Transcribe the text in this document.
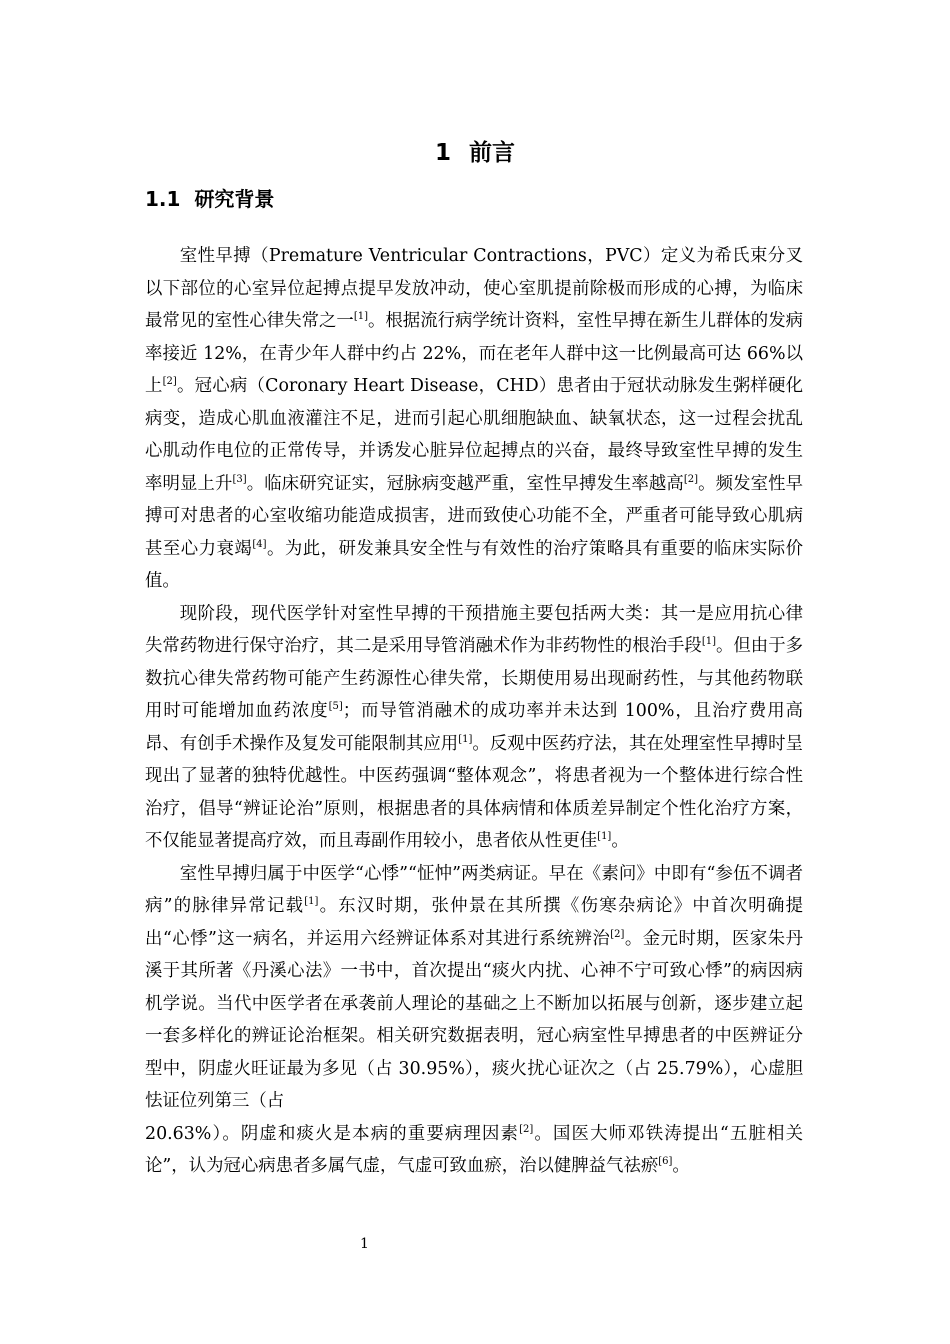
1 前言
1.1 研究背景

室性早搏（Premature Ventricular Contractions，PVC）定义为希氏束分叉以下部位的心室异位起搏点提早发放冲动，使心室肌提前除极而形成的心搏，为临床最常见的室性心律失常之一[1]。根据流行病学统计资料，室性早搏在新生儿群体的发病率接近 12%，在青少年人群中约占 22%，而在老年人群中这一比例最高可达 66%以上[2]。冠心病（Coronary Heart Disease，CHD）患者由于冠状动脉发生粥样硬化病变，造成心肌血液灌注不足，进而引起心肌细胞缺血、缺氧状态，这一过程会扰乱心肌动作电位的正常传导，并诱发心脏异位起搏点的兴奋，最终导致室性早搏的发生率明显上升[3]。临床研究证实，冠脉病变越严重，室性早搏发生率越高[2]。频发室性早搏可对患者的心室收缩功能造成损害，进而致使心功能不全，严重者可能导致心肌病甚至心力衰竭[4]。为此，研发兼具安全性与有效性的治疗策略具有重要的临床实际价值。

现阶段，现代医学针对室性早搏的干预措施主要包括两大类：其一是应用抗心律失常药物进行保守治疗，其二是采用导管消融术作为非药物性的根治手段[1]。但由于多数抗心律失常药物可能产生药源性心律失常，长期使用易出现耐药性，与其他药物联用时可能增加血药浓度[5]；而导管消融术的成功率并未达到 100%，且治疗费用高昂、有创手术操作及复发可能限制其应用[1]。反观中医药疗法，其在处理室性早搏时呈现出了显著的独特优越性。中医药强调“整体观念”，将患者视为一个整体进行综合性治疗，倡导“辨证论治”原则，根据患者的具体病情和体质差异制定个性化治疗方案，不仅能显著提高疗效，而且毒副作用较小，患者依从性更佳[1]。

室性早搏归属于中医学“心悸”“怔忡”两类病证。早在《素问》中即有“参伍不调者病”的脉律异常记载[1]。东汉时期，张仲景在其所撰《伤寒杂病论》中首次明确提出“心悸”这一病名，并运用六经辨证体系对其进行系统辨治[2]。金元时期，医家朱丹溪于其所著《丹溪心法》一书中，首次提出“痰火内扰、心神不宁可致心悸”的病因病机学说。当代中医学者在承袭前人理论的基础之上不断加以拓展与创新，逐步建立起一套多样化的辨证论治框架。相关研究数据表明，冠心病室性早搏患者的中医辨证分型中，阴虚火旺证最为多见（占 30.95%），痰火扰心证次之（占 25.79%），心虚胆怯证位列第三（占
20.63%）。阴虚和痰火是本病的重要病理因素[2]。国医大师邓铁涛提出“五脏相关论”，认为冠心病患者多属气虚，气虚可致血瘀，治以健脾益气祛瘀[6]。

1
